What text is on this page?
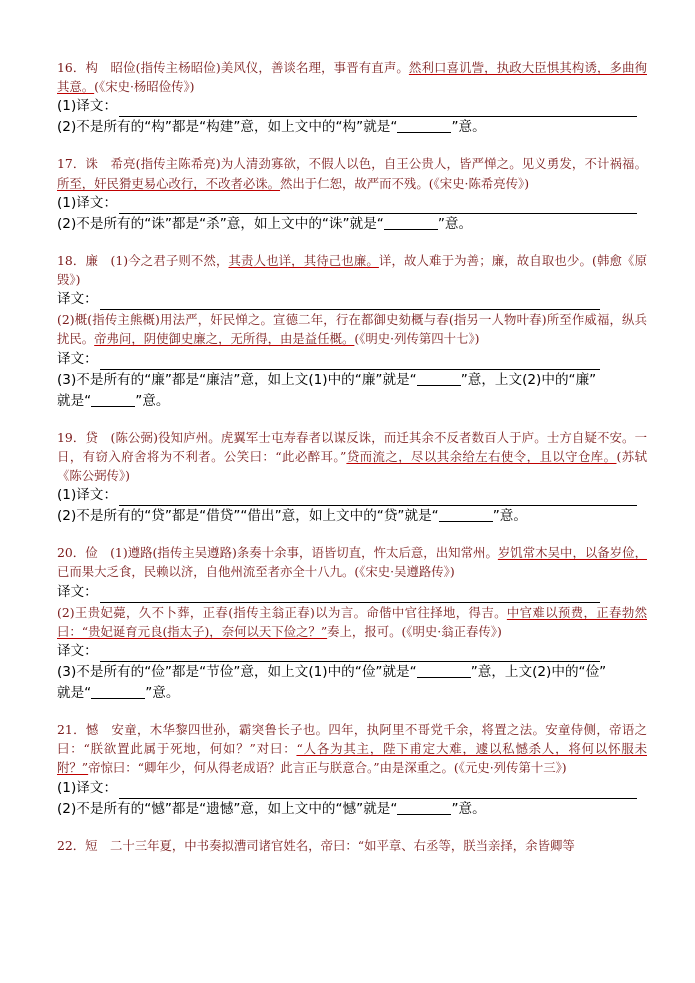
16．构　昭俭(指传主杨昭俭)美风仪，善谈名理，事晋有直声。然利口喜讥訾，执政大臣惧其构诱，多曲徇其意。(《宋史·杨昭俭传》)
(1)译文：
(2)不是所有的“构”都是“构建”意，如上文中的“构”就是“	”意。
17．诛　希亮(指传主陈希亮)为人清劲寡欲，不假人以色，自王公贵人，皆严惮之。见义勇发，不计祸福。所至，奸民猾吏易心改行，不改者必诛。然出于仁恕，故严而不残。(《宋史·陈希亮传》)
(1)译文：
(2)不是所有的“诛”都是“杀”意，如上文中的“诛”就是“	”意。
18．廉　(1)今之君子则不然，其责人也详，其待己也廉。详，故人难于为善；廉，故自取也少。(韩愈《原毁》)
译文：
(2)概(指传主熊概)用法严，奸民惮之。宣德二年，行在都御史劾概与春(指另一人物叶春)所至作威福，纵兵扰民。帝弗问，阴使御史廉之，无所得，由是益任概。(《明史·列传第四十七》)
译文：
(3)不是所有的“廉”都是“廉洁”意，如上文(1)中的“廉”就是“	”意，上文(2)中的“廉”
就是“	”意。
19．贷　(陈公弼)役知庐州。虎翼军士屯寿春者以谋反诛，而迁其余不反者数百人于庐。士方自疑不安。一日，有窃入府舍将为不利者。公笑曰：“此必醉耳。”贷而流之，尽以其余给左右使令，且以守仓库。(苏轼《陈公弼传》)
(1)译文：
(2)不是所有的“贷”都是“借贷”“借出”意，如上文中的“贷”就是“	”意。
20．俭　(1)遵路(指传主吴遵路)条奏十余事，语皆切直，忤太后意，出知常州。岁饥常木吴中，以备岁俭，已而果大乏食，民赖以济，自他州流至者亦全十八九。(《宋史·吴遵路传》)
译文：
(2)王贵妃薨，久不卜葬，正春(指传主翁正春)以为言。命偕中官往择地，得吉。中官难以预费，正春勃然曰：“贵妃诞育元良(指太子)，奈何以天下俭之？”奏上，报可。(《明史·翁正春传》)
译文：
(3)不是所有的“俭”都是“节俭”意，如上文(1)中的“俭”就是“	”意，上文(2)中的“俭”
就是“	”意。
21．憾　安童，木华黎四世孙，霸突鲁长子也。四年，执阿里不哥党千余，将置之法。安童侍侧，帝语之曰：“朕欲置此属于死地，何如？”对曰：“人各为其主，陛下甫定大难，遽以私憾杀人，将何以怀服未附？”帝惊曰：“卿年少，何从得老成语？此言正与朕意合。”由是深重之。(《元史·列传第十三》)
(1)译文：
(2)不是所有的“憾”都是“遗憾”意，如上文中的“憾”就是“	”意。
22．短　二十三年夏，中书奏拟漕司诸官姓名，帝曰：“如平章、右丞等，朕当亲择，余皆卿等
